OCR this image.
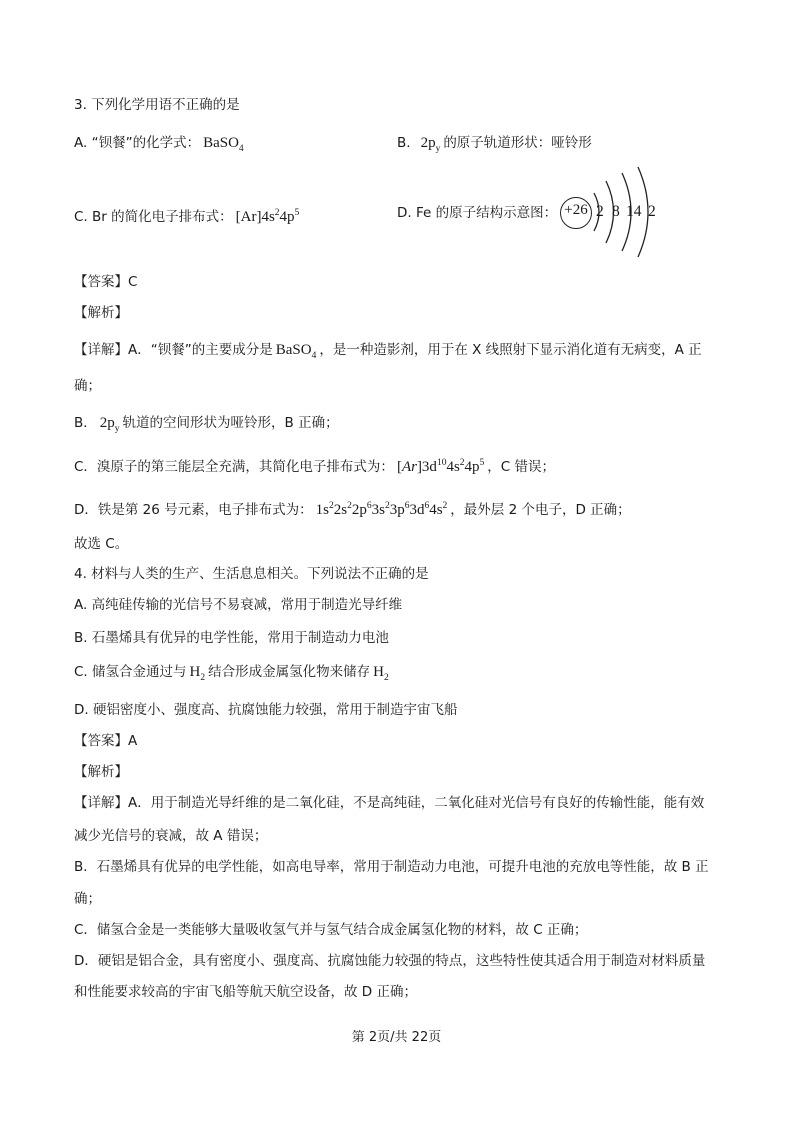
3. 下列化学用语不正确的是
A. “钡餐”的化学式： BaSO$_4$	B. $2p_y$ 的原子轨道形状：哑铃形
C. Br 的简化电子排布式： $[Ar]4s^24p^5$	D. Fe 的原子结构示意图： +26 2 8 14 2
【答案】C
【解析】
【详解】A．“钡餐”的主要成分是 BaSO$_4$ ，是一种造影剂，用于在 X 线照射下显示消化道有无病变，A 正
确；
B． $2p_y$ 轨道的空间形状为哑铃形，B 正确；
C．溴原子的第三能层全充满，其简化电子排布式为： $[Ar]3d^{10}4s^24p^5$ ，C 错误；
D．铁是第 26 号元素，电子排布式为： $1s^22s^22p^63s^23p^63d^64s^2$ ，最外层 2 个电子，D 正确；
故选 C。
4. 材料与人类的生产、生活息息相关。下列说法不正确的是
A. 高纯硅传输的光信号不易衰减，常用于制造光导纤维
B. 石墨烯具有优异的电学性能，常用于制造动力电池
C. 储氢合金通过与 $H_2$ 结合形成金属氢化物来储存 $H_2$
D. 硬铝密度小、强度高、抗腐蚀能力较强，常用于制造宇宙飞船
【答案】A
【解析】
【详解】A．用于制造光导纤维的是二氧化硅，不是高纯硅，二氧化硅对光信号有良好的传输性能，能有效
减少光信号的衰减，故 A 错误；
B．石墨烯具有优异的电学性能，如高电导率，常用于制造动力电池，可提升电池的充放电等性能，故 B 正
确；
C．储氢合金是一类能够大量吸收氢气并与氢气结合成金属氢化物的材料，故 C 正确；
D．硬铝是铝合金，具有密度小、强度高、抗腐蚀能力较强的特点，这些特性使其适合用于制造对材料质量
和性能要求较高的宇宙飞船等航天航空设备，故 D 正确；
第 2页/共 22页
